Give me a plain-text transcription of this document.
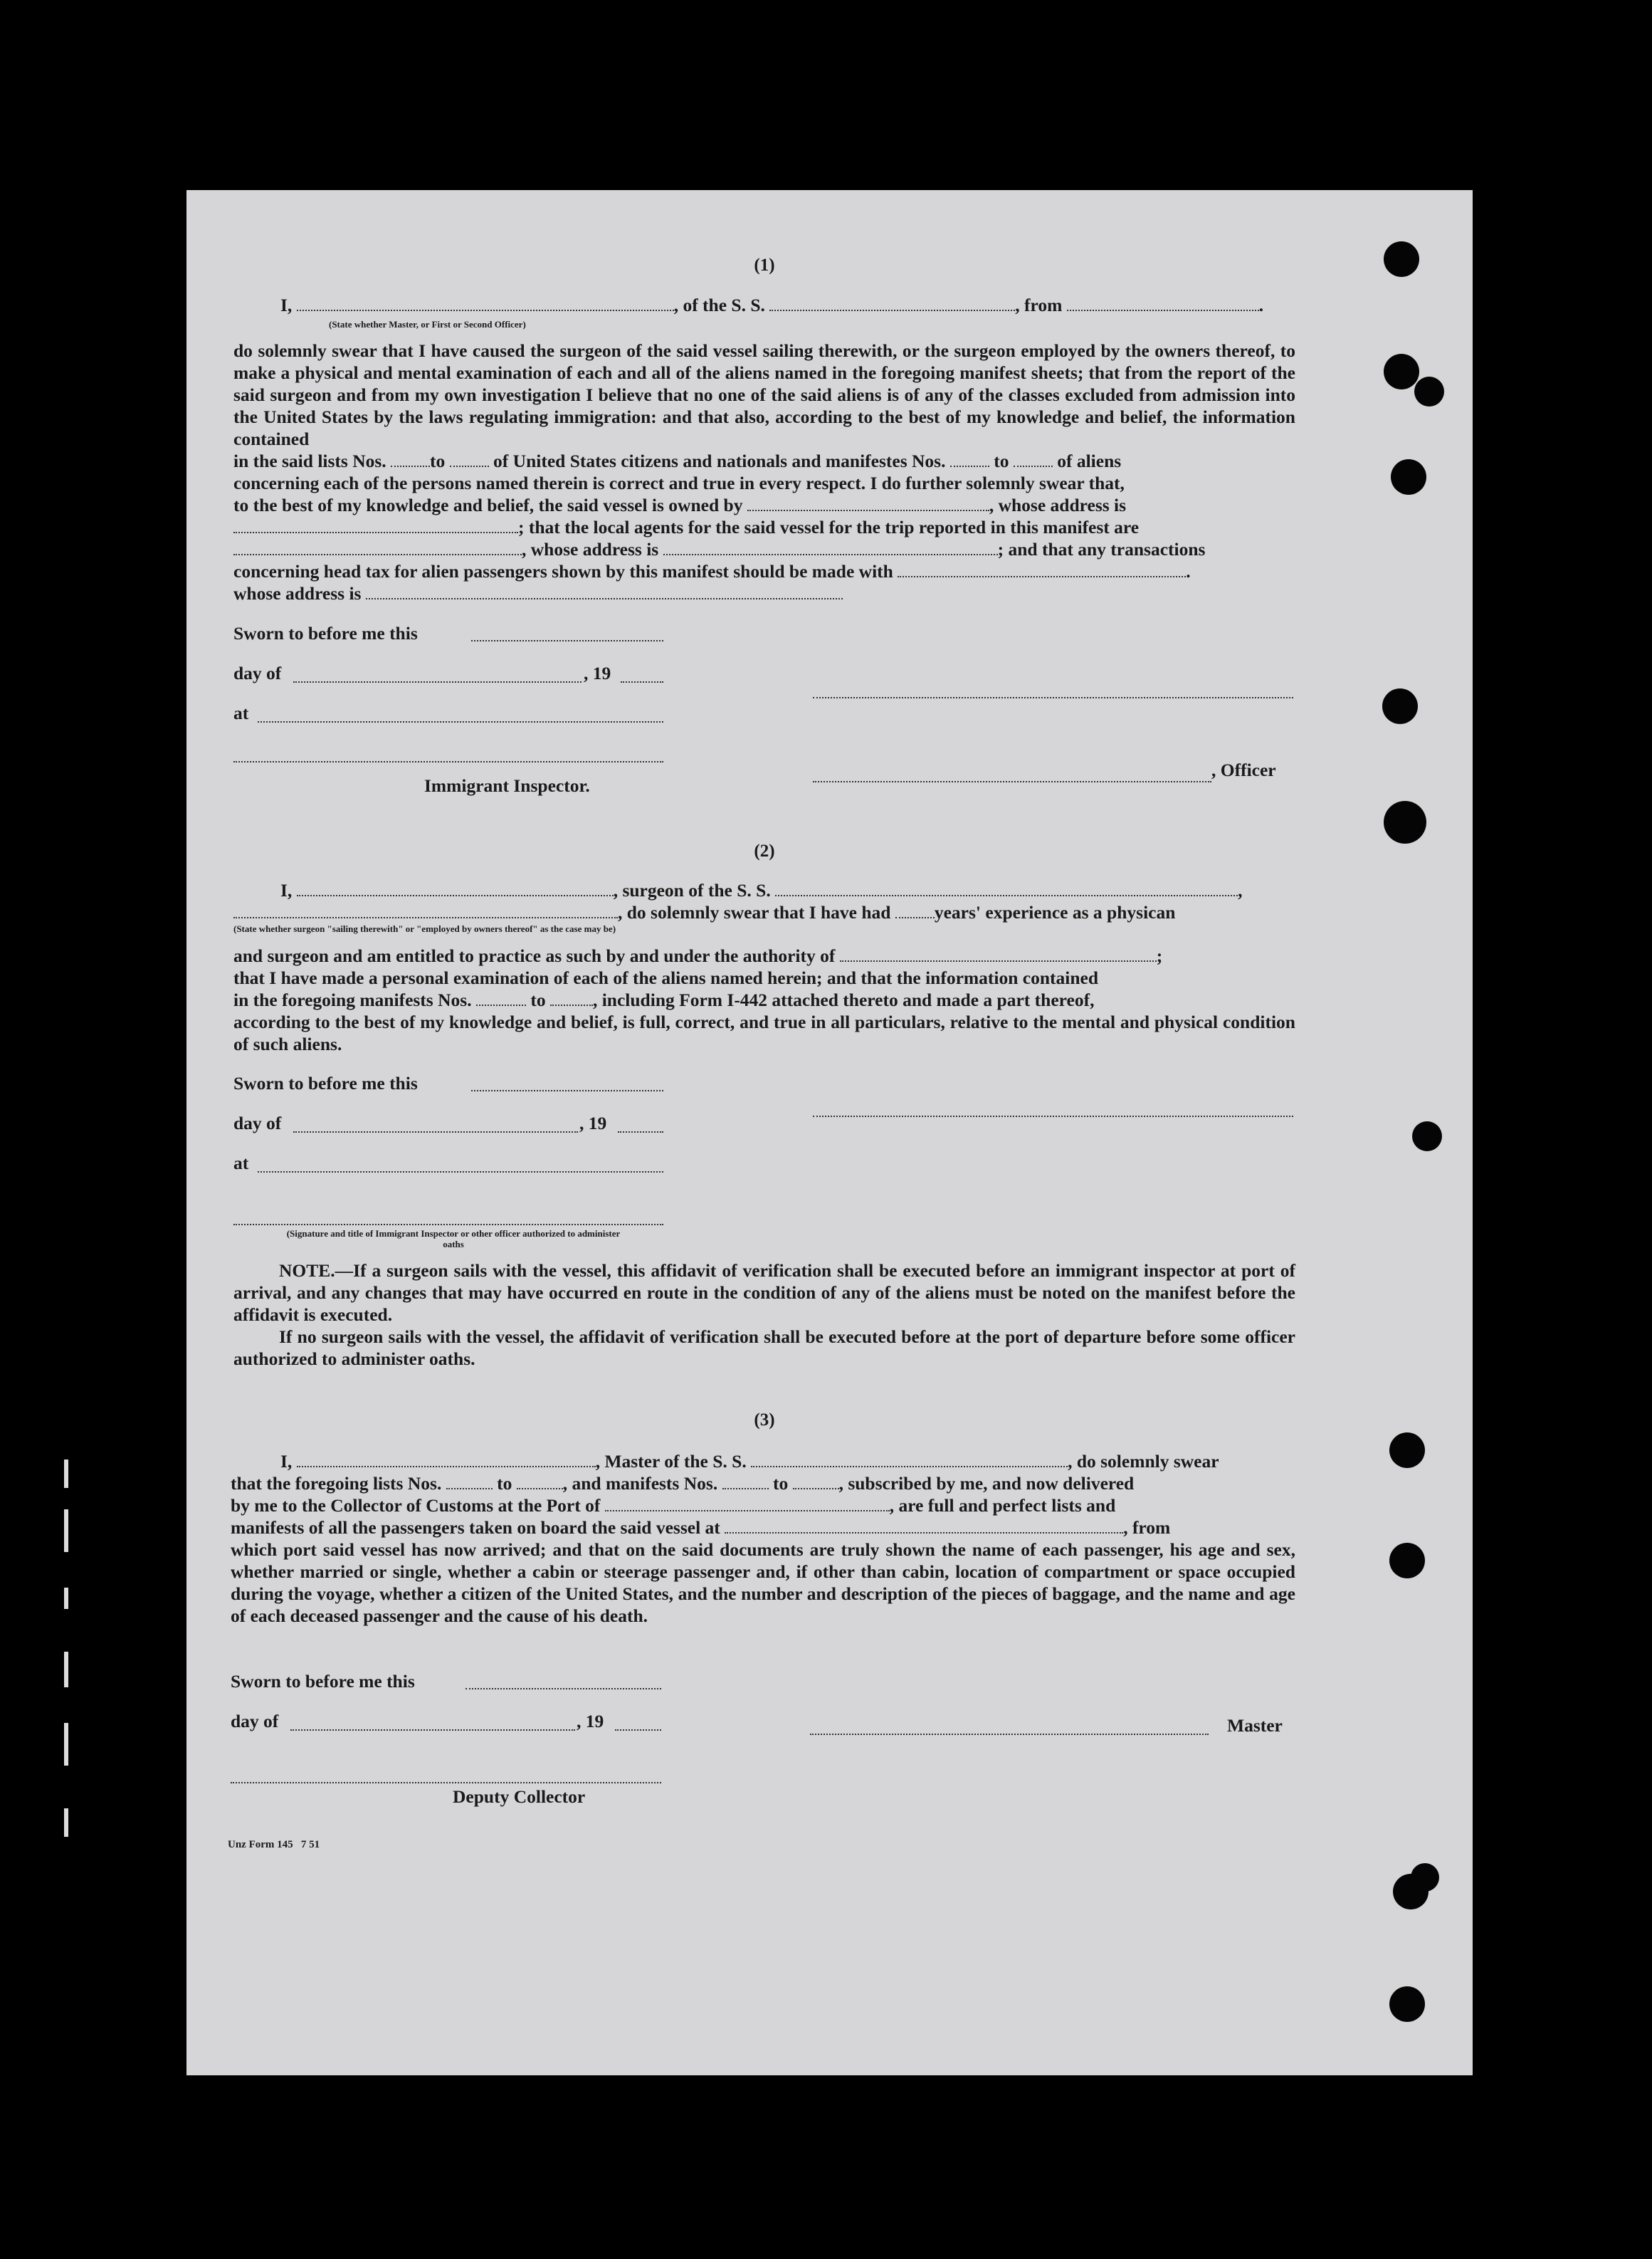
(1)

I,	, of the S. S.	, from	.

(State whether Master, or First or Second Officer)

do solemnly swear that I have caused the surgeon of the said vessel sailing therewith, or the surgeon employed by the owners thereof, to make a physical and mental examination of each and all of the aliens named in the foregoing manifest sheets; that from the report of the said surgeon and from my own investigation I believe that no one of the said aliens is of any of the classes excluded from admission into the United States by the laws regulating immigration: and that also, according to the best of my knowledge and belief, the information contained

in the said lists Nos. to	of United States citizens and nationals and manifestes Nos.	to	of aliens

concerning each of the persons named therein is correct and true in every respect. I do further solemnly swear that,

to the best of my knowledge and belief, the said vessel is owned by	, whose address is

; that the local agents for the said vessel for the trip reported in this manifest are

, whose address is	; and that any transactions

concerning head tax for alien passengers shown by this manifest should be made with	.

whose address is

Sworn to before me this
day of	, 19
at
, Officer
Immigrant Inspector.
(2)

I,	, surgeon of the S. S.	,

, do solemnly swear that I have had years' experience as a physican

(State whether surgeon "sailing therewith" or "employed by owners thereof" as the case may be)

and surgeon and am entitled to practice as such by and under the authority of	;

that I have made a personal examination of each of the aliens named herein; and that the information contained

in the foregoing manifests Nos.	to	, including Form I-442 attached thereto and made a part thereof,

according to the best of my knowledge and belief, is full, correct, and true in all particulars, relative to the mental and physical condition of such aliens.

Sworn to before me this
day of	, 19
at
(Signature and title of Immigrant Inspector or other officer authorized to administer oaths

NOTE.—If a surgeon sails with the vessel, this affidavit of verification shall be executed before an immigrant inspector at port of arrival, and any changes that may have occurred en route in the condition of any of the aliens must be noted on the manifest before the affidavit is executed.

If no surgeon sails with the vessel, the affidavit of verification shall be executed before at the port of departure before some officer authorized to administer oaths.

(3)

I,	, Master of the S. S.	, do solemnly swear

that the foregoing lists Nos.	to	, and manifests Nos.	to	, subscribed by me, and now delivered

by me to the Collector of Customs at the Port of	, are full and perfect lists and

manifests of all the passengers taken on board the said vessel at	, from

which port said vessel has now arrived; and that on the said documents are truly shown the name of each passenger, his age and sex, whether married or single, whether a cabin or steerage passenger and, if other than cabin, location of compartment or space occupied during the voyage, whether a citizen of the United States, and the number and description of the pieces of baggage, and the name and age of each deceased passenger and the cause of his death.

Sworn to before me this
day of	, 19	Master
Deputy Collector
Unz Form 145   7 51
